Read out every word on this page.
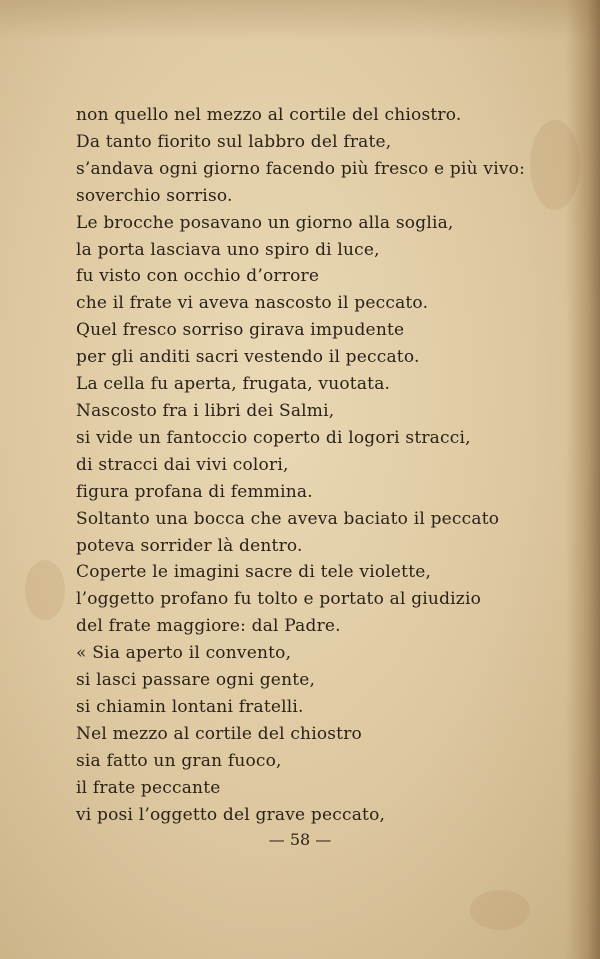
non quello nel mezzo al cortile del chiostro.
Da tanto fiorito sul labbro del frate,
s’andava ogni giorno facendo più fresco e più vivo:
soverchio sorriso.
Le brocche posavano un giorno alla soglia,
la porta lasciava uno spiro di luce,
fu visto con occhio d’orrore
che il frate vi aveva nascosto il peccato.
Quel fresco sorriso girava impudente
per gli anditi sacri vestendo il peccato.
La cella fu aperta, frugata, vuotata.
Nascosto fra i libri dei Salmi,
si vide un fantoccio coperto di logori stracci,
di stracci dai vivi colori,
figura profana di femmina.
Soltanto una bocca che aveva baciato il peccato
poteva sorrider là dentro.
Coperte le imagini sacre di tele violette,
l’oggetto profano fu tolto e portato al giudizio
del frate maggiore: dal Padre.
« Sia aperto il convento,
si lasci passare ogni gente,
si chiamin lontani fratelli.
Nel mezzo al cortile del chiostro
sia fatto un gran fuoco,
il frate peccante
vi posi l’oggetto del grave peccato,
— 58 —
